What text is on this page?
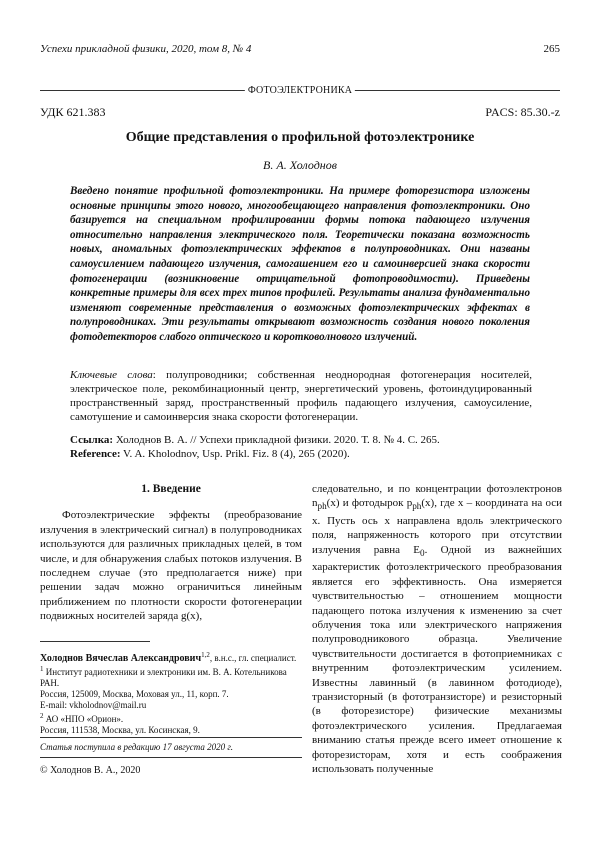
Успехи прикладной физики, 2020, том 8, № 4	265
ФОТОЭЛЕКТРОНИКА
УДК 621.383	PACS: 85.30.-z
Общие представления о профильной фотоэлектронике
В. А. Холоднов
Введено понятие профильной фотоэлектроники. На примере фоторезистора изложены основные принципы этого нового, многообещающего направления фотоэлектроники. Оно базируется на специальном профилировании формы потока падающего излучения относительно направления электрического поля. Теоретически показана возможность новых, аномальных фотоэлектрических эффектов в полупроводниках. Они названы самоусилением падающего излучения, самогашением его и самоинверсией знака скорости фотогенерации (возникновение отрицательной фотопроводимости). Приведены конкретные примеры для всех трех типов профилей. Результаты анализа фундаментально изменяют современные представления о возможных фотоэлектрических эффектах в полупроводниках. Эти результаты открывают возможность создания нового поколения фотодетекторов слабого оптического и коротковолнового излучений.
Ключевые слова: полупроводники; собственная неоднородная фотогенерация носителей, электрическое поле, рекомбинационный центр, энергетический уровень, фотоиндуцированный пространственный заряд, пространственный профиль падающего излучения, самоусиление, самотушение и самоинверсия знака скорости фотогенерации.
Ссылка: Холоднов В. А. // Успехи прикладной физики. 2020. Т. 8. № 4. С. 265.
Reference: V. A. Kholodnov, Usp. Prikl. Fiz. 8 (4), 265 (2020).
1. Введение

Фотоэлектрические эффекты (преобразование излучения в электрический сигнал) в полупроводниках используются для различных прикладных целей, в том числе, и для обнаружения слабых потоков излучения. В последнем случае (это предполагается ниже) при решении задач можно ограничиться линейным приближением по плотности скорости фотогенерации подвижных носителей заряда g(x),

следовательно, и по концентрации фотоэлектронов $n_{ph}(x)$ и фотодырок $p_{ph}(x)$, где x – координата на оси x. Пусть ось x направлена вдоль электрического поля, напряженность которого при отсутствии излучения равна $E_0$. Одной из важнейших характеристик фотоэлектрического преобразования является его эффективность. Она измеряется чувствительностью – отношением мощности падающего потока излучения к изменению за счет облучения тока или электрического напряжения полупроводникового образца. Увеличение чувствительности достигается в фотоприемниках с внутренним фотоэлектрическим усилением. Известны лавинный (в лавинном фотодиоде), транзисторный (в фототранзисторе) и резисторный (в фоторезисторе) физические механизмы фотоэлектрического усиления. Предлагаемая вниманию статья прежде всего имеет отношение к фоторезисторам, хотя и есть соображения использовать полученные

Холоднов Вячеслав Александрович$^{1,2}$, в.н.с., гл. специалист.

$^1$ Институт радиотехники и электроники им. В. А. Котельникова РАН.

Россия, 125009, Москва, Моховая ул., 11, корп. 7.

E-mail: vkholodnov@mail.ru

$^2$ АО «НПО «Орион».

Россия, 111538, Москва, ул. Косинская, 9.

Статья поступила в редакцию 17 августа 2020 г.
© Холоднов В. А., 2020
